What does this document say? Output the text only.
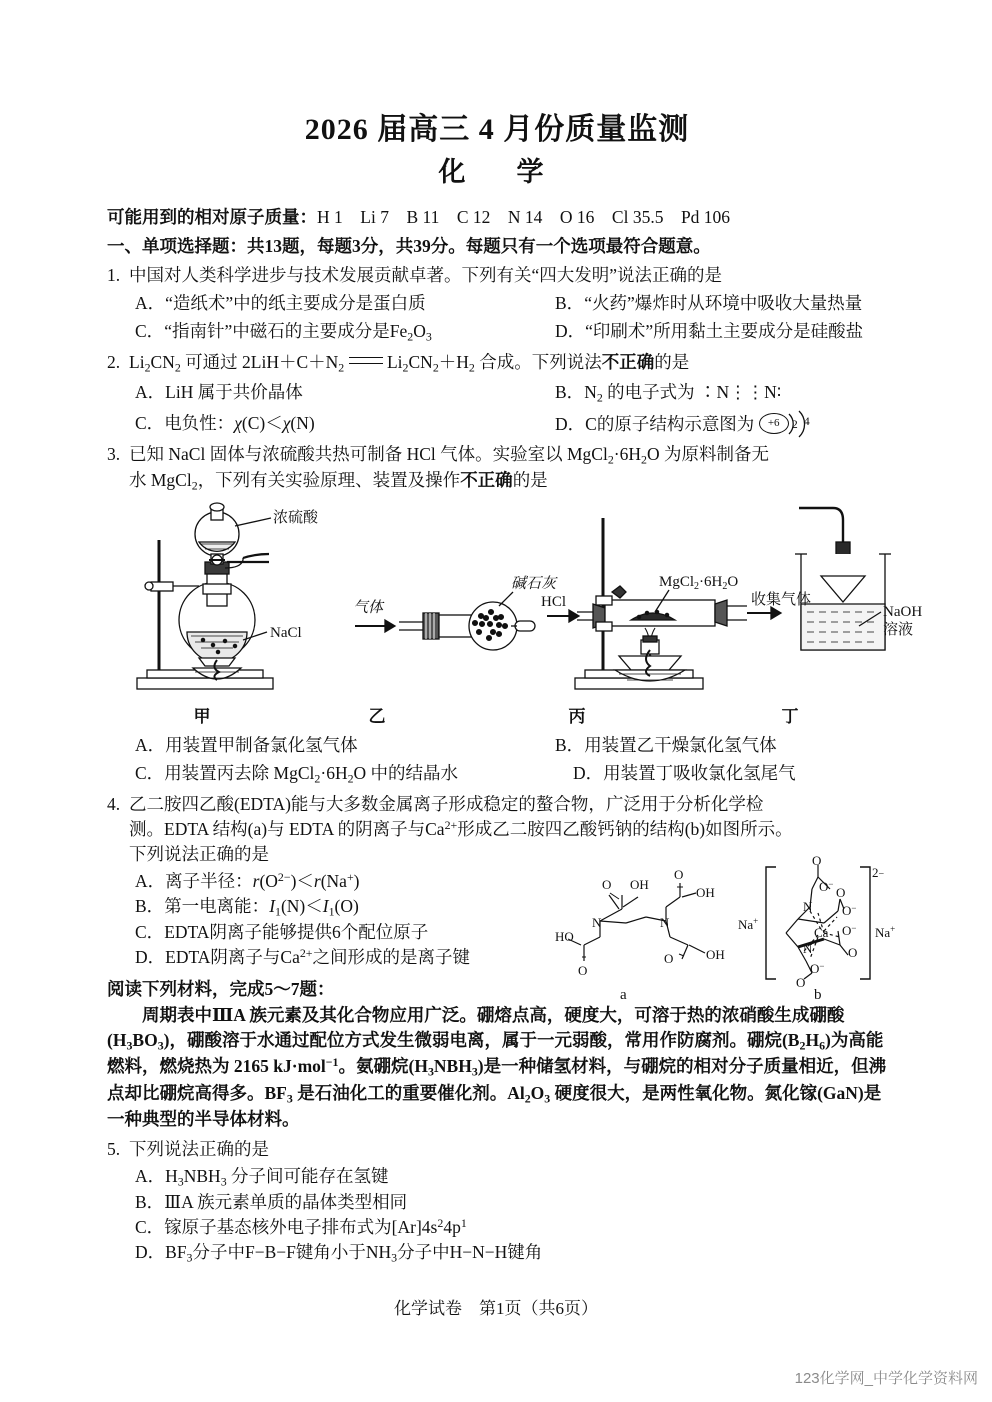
2026 届高三 4 月份质量监测
化　学
可能用到的相对原子质量：H 1　Li 7　B 11　C 12　N 14　O 16　Cl 35.5　Pd 106
一、单项选择题：共13题，每题3分，共39分。每题只有一个选项最符合题意。
1. 中国对人类科学进步与技术发展贡献卓著。下列有关“四大发明”说法正确的是
A．“造纸术”中的纸主要成分是蛋白质	B．“火药”爆炸时从环境中吸收大量热量
C．“指南针”中磁石的主要成分是$Fe_2O_3$	D．“印刷术”所用黏土主要成分是硅酸盐
2. $Li_2CN_2$ 可通过 $2LiH+C+N_2$  $Li_2CN_2+H_2$ 合成。下列说法不正确的是
A．LiH 属于共价晶体	B．$N_2$ 的电子式为 ∶N⋮⋮N∶
C．电负性：χ(C)＜χ(N)	D．C的原子结构示意图为	+6	2 4
3. 已知 NaCl 固体与浓硫酸共热可制备 HCl 气体。实验室以 $MgCl_2\cdot 6H_2O$ 为原料制备无
水 MgCl$_2$，下列有关实验原理、装置及操作不正确的是
浓硫酸
NaCl
气体
碱石灰
HCl
$MgCl_2\cdot 6H_2O$
收集气体
NaOH
溶液
甲	乙	丙	丁
A．用装置甲制备氯化氢气体	B．用装置乙干燥氯化氢气体
C．用装置丙去除 $MgCl_2\cdot 6H_2O$ 中的结晶水	D．用装置丁吸收氯化氢尾气
4. 乙二胺四乙酸(EDTA)能与大多数金属离子形成稳定的螯合物，广泛用于分析化学检
测。EDTA 结构(a)与 EDTA 的阴离子与$Ca^{2+}$形成乙二胺四乙酸钙钠的结构(b)如图所示。
下列说法正确的是
A．离子半径：$r(O^{2-})<r(Na^+)$
B．第一电离能：$I_1(N)<I_1(O)$
C．EDTA阴离子能够提供6个配位原子
D．EDTA阴离子与$Ca^{2+}$之间形成的是离子键
O OH
N	N
HO
O
O
OH
O	OH
Na+
O
O−
O
O−
N
N
Ca O−
O
O−
O
2−
Na+
a	b
阅读下列材料，完成5～7题：
周期表中ⅢA 族元素及其化合物应用广泛。硼熔点高，硬度大，可溶于热的浓硝酸生成硼酸$(H_3BO_3)$，硼酸溶于水通过配位方式发生微弱电离，属于一元弱酸，常用作防腐剂。硼烷$(B_2H_6)$为高能燃料，燃烧热为 2165 kJ·mol$^{-1}$。氨硼烷$(H_3NBH_3)$是一种储氢材料，与硼烷的相对分子质量相近，但沸点却比硼烷高得多。$BF_3$ 是石油化工的重要催化剂。$Al_2O_3$ 硬度很大，是两性氧化物。氮化镓(GaN)是一种典型的半导体材料。
5. 下列说法正确的是
A．$H_3NBH_3$ 分子间可能存在氢键
B．ⅢA 族元素单质的晶体类型相同
C．镓原子基态核外电子排布式为$[Ar]4s^24p^1$
D．$BF_3$分子中F−B−F键角小于$NH_3$分子中H−N−H键角
化学试卷　第1页（共6页）
123化学网_中学化学资料网
